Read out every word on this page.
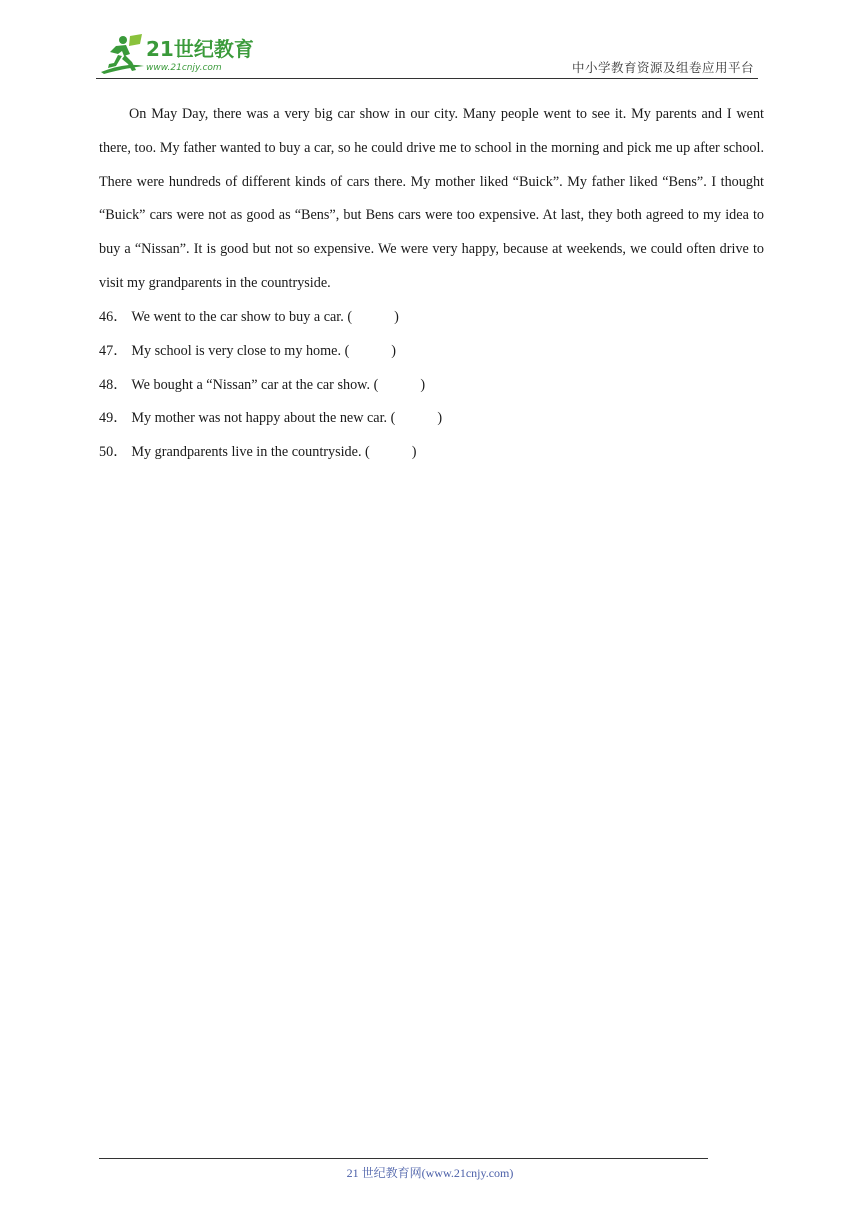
21世纪教育
www.21cnjy.com	中小学教育资源及组卷应用平台

On May Day, there was a very big car show in our city. Many people went to see it. My parents and I went there, too. My father wanted to buy a car, so he could drive me to school in the morning and pick me up after school. There were hundreds of different kinds of cars there. My mother liked “Buick”. My father liked “Bens”. I thought “Buick” cars were not as good as “Bens”, but Bens cars were too expensive. At last, they both agreed to my idea to buy a “Nissan”. It is good but not so expensive. We were very happy, because at weekends, we could often drive to visit my grandparents in the countryside.

46． We went to the car show to buy a car. (	)
47． My school is very close to my home. (	)
48． We bought a “Nissan” car at the car show. (	)
49． My mother was not happy about the new car. (	)
50． My grandparents live in the countryside. (	)
21 世纪教育网(www.21cnjy.com)
